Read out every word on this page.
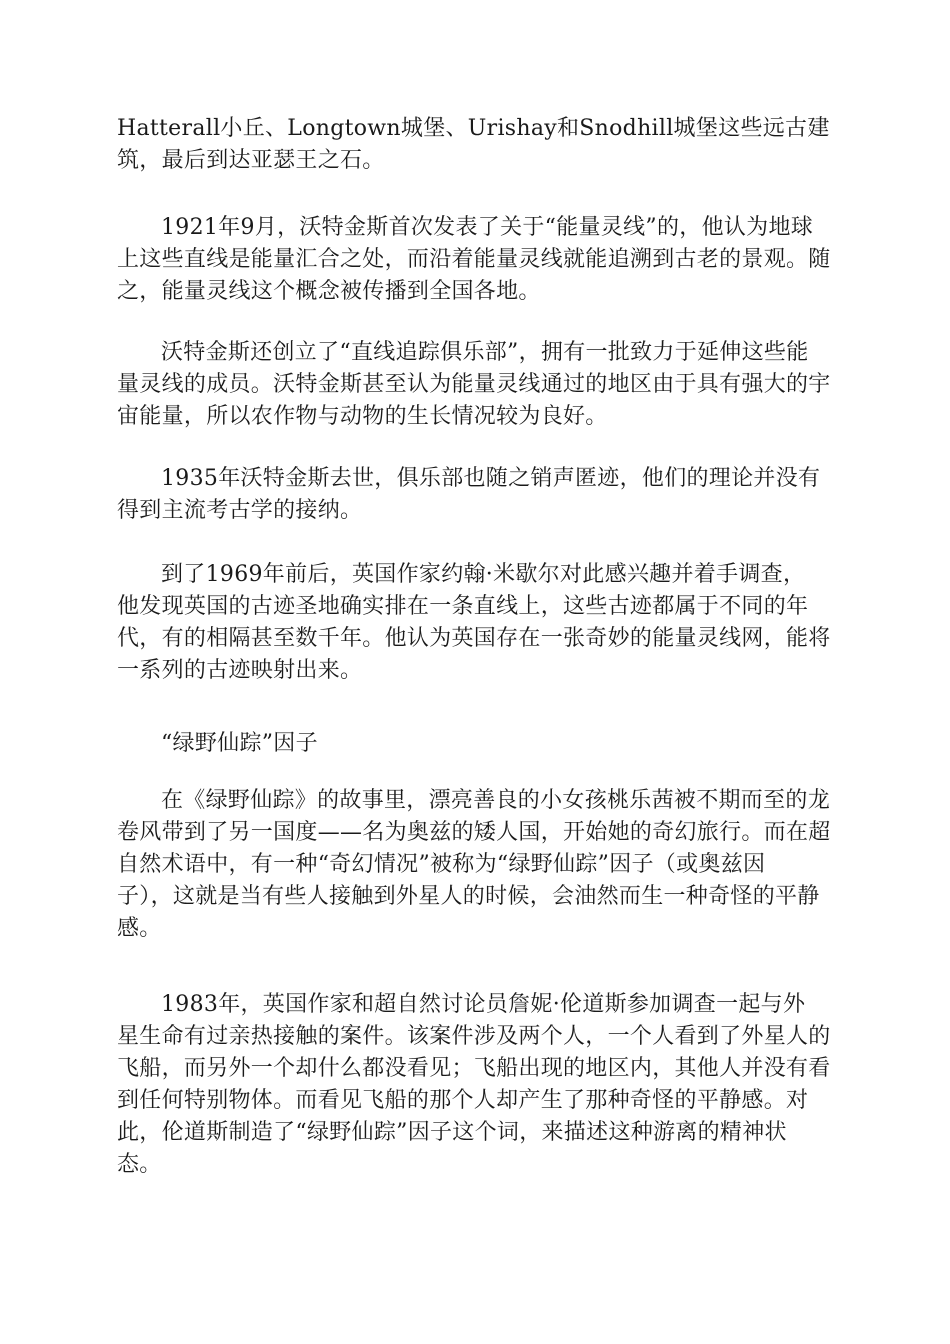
Hatterall小丘、Longtown城堡、Urishay和Snodhill城堡这些远古建
筑，最后到达亚瑟王之石。
1921年9月，沃特金斯首次发表了关于“能量灵线”的，他认为地球
上这些直线是能量汇合之处，而沿着能量灵线就能追溯到古老的景观。随
之，能量灵线这个概念被传播到全国各地。
沃特金斯还创立了“直线追踪俱乐部”，拥有一批致力于延伸这些能
量灵线的成员。沃特金斯甚至认为能量灵线通过的地区由于具有强大的宇
宙能量，所以农作物与动物的生长情况较为良好。
1935年沃特金斯去世，俱乐部也随之销声匿迹，他们的理论并没有
得到主流考古学的接纳。
到了1969年前后，英国作家约翰·米歇尔对此感兴趣并着手调查，
他发现英国的古迹圣地确实排在一条直线上，这些古迹都属于不同的年
代，有的相隔甚至数千年。他认为英国存在一张奇妙的能量灵线网，能将
一系列的古迹映射出来。
“绿野仙踪”因子
在《绿野仙踪》的故事里，漂亮善良的小女孩桃乐茜被不期而至的龙
卷风带到了另一国度——名为奥兹的矮人国，开始她的奇幻旅行。而在超
自然术语中，有一种“奇幻情况”被称为“绿野仙踪”因子（或奥兹因
子），这就是当有些人接触到外星人的时候，会油然而生一种奇怪的平静
感。
1983年，英国作家和超自然讨论员詹妮·伦道斯参加调查一起与外
星生命有过亲热接触的案件。该案件涉及两个人，一个人看到了外星人的
飞船，而另外一个却什么都没看见；飞船出现的地区内，其他人并没有看
到任何特别物体。而看见飞船的那个人却产生了那种奇怪的平静感。对
此，伦道斯制造了“绿野仙踪”因子这个词，来描述这种游离的精神状
态。
